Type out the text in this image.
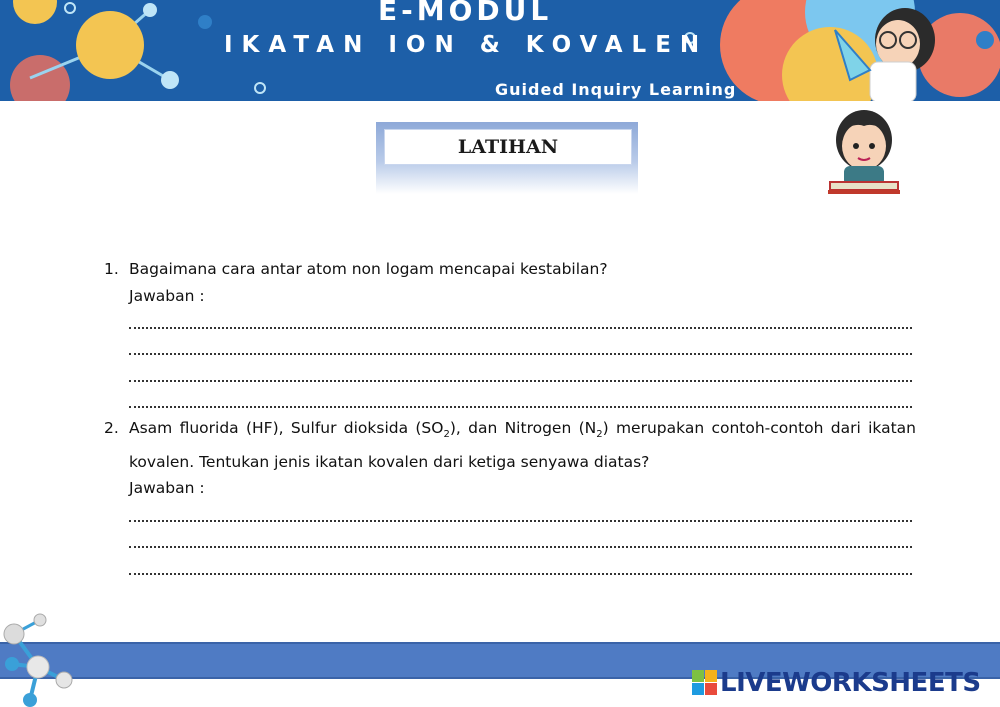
E-MODUL
IKATAN ION & KOVALEN
Guided Inquiry Learning
LATIHAN
1. Bagaimana cara antar atom non logam mencapai kestabilan?
Jawaban :
2. Asam fluorida (HF), Sulfur dioksida $(SO_2)$, dan Nitrogen $(N_2)$ merupakan contoh-contoh dari ikatan kovalen. Tentukan jenis ikatan kovalen dari ketiga senyawa diatas?
Jawaban :
LIVEWORKSHEETS
